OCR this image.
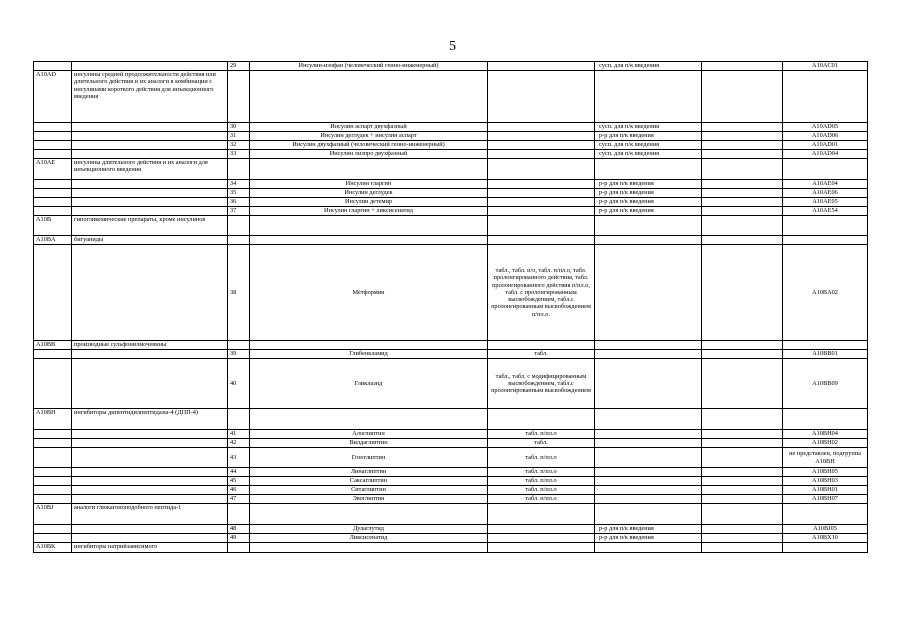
5
		29	Инсулин-изофан (человеческий генно-инженерный)		сусп. для п/к введения		A10AC01
A10AD	инсулины средней продолжительности действия или длительного действия и их аналоги в комбинации с инсулинами короткого действия для инъекционного введения						
		30	Инсулин аспарт двухфазный		сусп. для п/к введения		A10AD05
		31	Инсулин деглудек + инсулин аспарт		р-р для п/к введения		A10AD06
		32	Инсулин двухфазный (человеческий генно-инженерный)		сусп. для п/к введения		A10AD01
		33	Инсулин лизпро двухфазный		сусп. для п/к введения		A10AD04
A10AE	инсулины длительного действия и их аналоги для инъекционного введения						
		34	Инсулин гларгин		р-р для п/к введения		A10AE04
		35	Инсулин деглудек		р-р для п/к введения		A10AE06
		36	Инсулин детемир		р-р для п/к введения		A10AE05
		37	Инсулин гларгин + ликсисенатид		р-р для п/к введения		A10AE54
A10B	гипогликемические препараты, кроме инсулинов						
A10BA	бигуаниды						
		38	Метформин	табл., табл. п/о, табл. п/пл.о, табл. пролонгированного действия, табл. пролонгированного действия п/пл.о, табл. с пролонгированным высвобождением, табл.с пролонгированным высвобождением п/пл.о.			A10BA02
A10BB	производные сульфонилмочевины						
		39	Глибенкламид	табл.			A10BB01
		40	Гликлазид	табл., табл. с модифицированным высвобождением, табл.с пролонгированным высвобождением			A10BB09
A10BH	ингибиторы дипептидилпептидазы-4 (ДПП-4)						
		41	Алоглиптин	табл. п/пл.о			A10BH04
		42	Вилдаглиптин	табл.			A10BH02
		43	Гозоглиптин	табл. п/пл.о			не представлен, подгруппа A10BH
		44	Линаглиптин	табл. п/пл.о			A10BH05
		45	Саксаглиптин	табл. п/пл.о			A10BH03
		46	Ситаглиптин	табл. п/пл.о			A10BH01
		47	Эвоглиптин	табл. п/пл.о			A10BH07
A10BJ	аналоги глюкагоноподобного пептида-1						
		48	Дулаглутид		р-р для п/к введения		A10BJ05
		49	Ликсисенатид		р-р для п/к введения		A10BX10
A10BK	ингибиторы натрийзависимого						
